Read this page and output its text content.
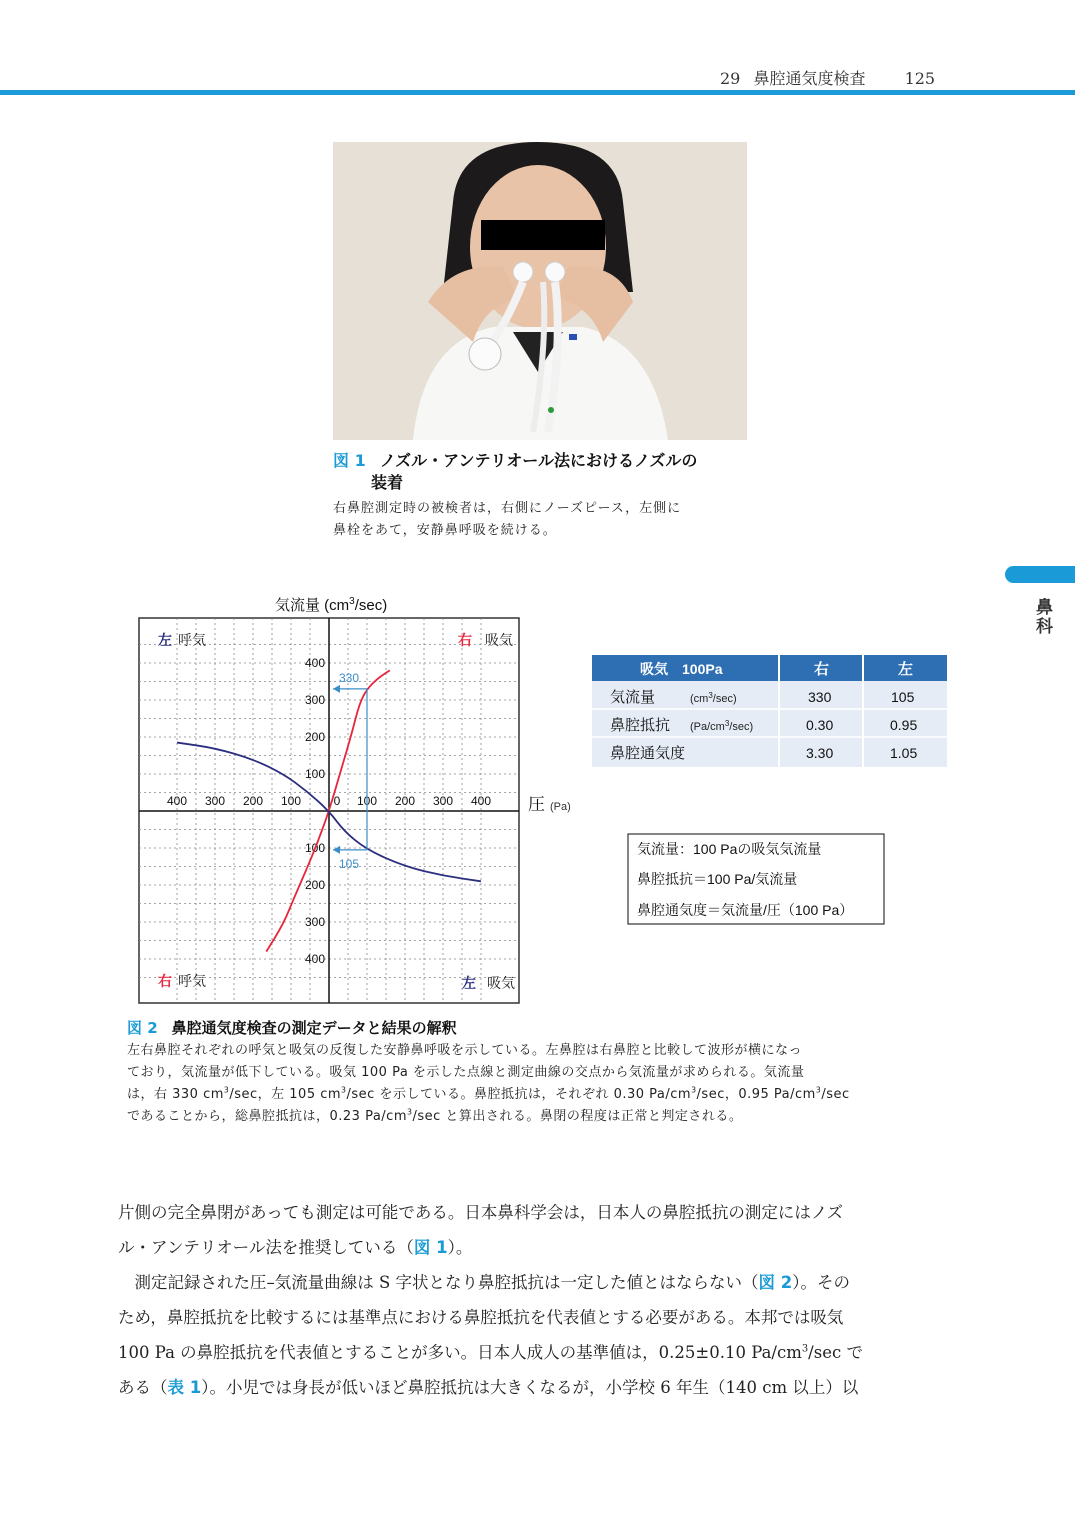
29 鼻腔通気度検査 125
鼻科
図 1 ノズル・アンテリオール法におけるノズルの
装着
右鼻腔測定時の被検者は，右側にノーズピース，左側に
鼻栓をあて，安静鼻呼吸を続ける。
気流量 $(cm^3/\sec)$
400 300 200 100	0 100 200 300 400
400
300
200
100
100
200
300
400
330
105
左 呼気	右 吸気
右 呼気	左 吸気
圧 (Pa)
吸気　100Pa	右	左
気流量	$(cm^3/\sec)$	330	105
鼻腔抵抗 $(Pa/cm^3/\sec)$	0.30	0.95
鼻腔通気度	3.30	1.05
気流量：100 Paの吸気気流量
鼻腔抵抗＝100 Pa/気流量
鼻腔通気度＝気流量/圧（100 Pa）
図 2 鼻腔通気度検査の測定データと結果の解釈
左右鼻腔それぞれの呼気と吸気の反復した安静鼻呼吸を示している。左鼻腔は右鼻腔と比較して波形が横になっ
ており，気流量が低下している。吸気 100 Pa を示した点線と測定曲線の交点から気流量が求められる。気流量
は，右 330 $cm^3/\sec$，左 105 $cm^3/\sec$ を示している。鼻腔抵抗は，それぞれ 0.30 $Pa/cm^3/\sec$，0.95 $Pa/cm^3/\sec$
であることから，総鼻腔抵抗は，0.23 $Pa/cm^3/\sec$ と算出される。鼻閉の程度は正常と判定される。

片側の完全鼻閉があっても測定は可能である。日本鼻科学会は，日本人の鼻腔抵抗の測定にはノズ
ル・アンテリオール法を推奨している（図 1）。

測定記録された圧–気流量曲線は S 字状となり鼻腔抵抗は一定した値とはならない（図 2）。その
ため，鼻腔抵抗を比較するには基準点における鼻腔抵抗を代表値とする必要がある。本邦では吸気
100 Pa の鼻腔抵抗を代表値とすることが多い。日本人成人の基準値は，0.25±0.10 $Pa/cm^3/\sec$ で
ある（表 1）。小児では身長が低いほど鼻腔抵抗は大きくなるが，小学校 6 年生（140 cm 以上）以
